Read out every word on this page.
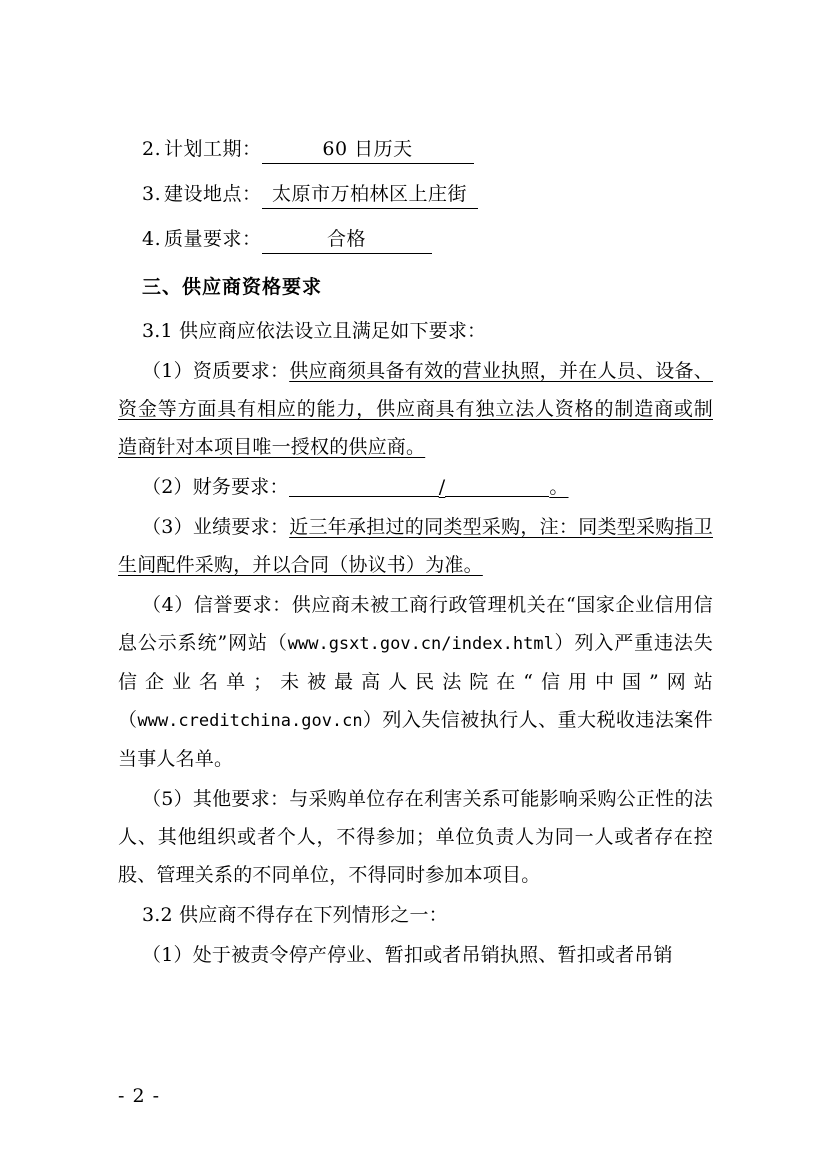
2. 计划工期：	60 日历天
3. 建设地点： 太原市万柏林区上庄街
4. 质量要求：	合格
三、供应商资格要求

3.1 供应商应依法设立且满足如下要求：

（1）资质要求：供应商须具备有效的营业执照，并在人员、设备、资金等方面具有相应的能力，供应商具有独立法人资格的制造商或制造商针对本项目唯一授权的供应商。

（2）财务要求：	/	。

（3）业绩要求：近三年承担过的同类型采购，注：同类型采购指卫生间配件采购，并以合同（协议书）为准。

（4）信誉要求：供应商未被工商行政管理机关在“国家企业信用信息公示系统”网站（www.gsxt.gov.cn/index.html）列入严重违法失信企业名单；未被最高人民法院在“信用中国”网站（www.creditchina.gov.cn）列入失信被执行人、重大税收违法案件当事人名单。

（5）其他要求：与采购单位存在利害关系可能影响采购公正性的法人、其他组织或者个人，不得参加；单位负责人为同一人或者存在控股、管理关系的不同单位，不得同时参加本项目。

3.2 供应商不得存在下列情形之一：

（1）处于被责令停产停业、暂扣或者吊销执照、暂扣或者吊销

- 2 -
